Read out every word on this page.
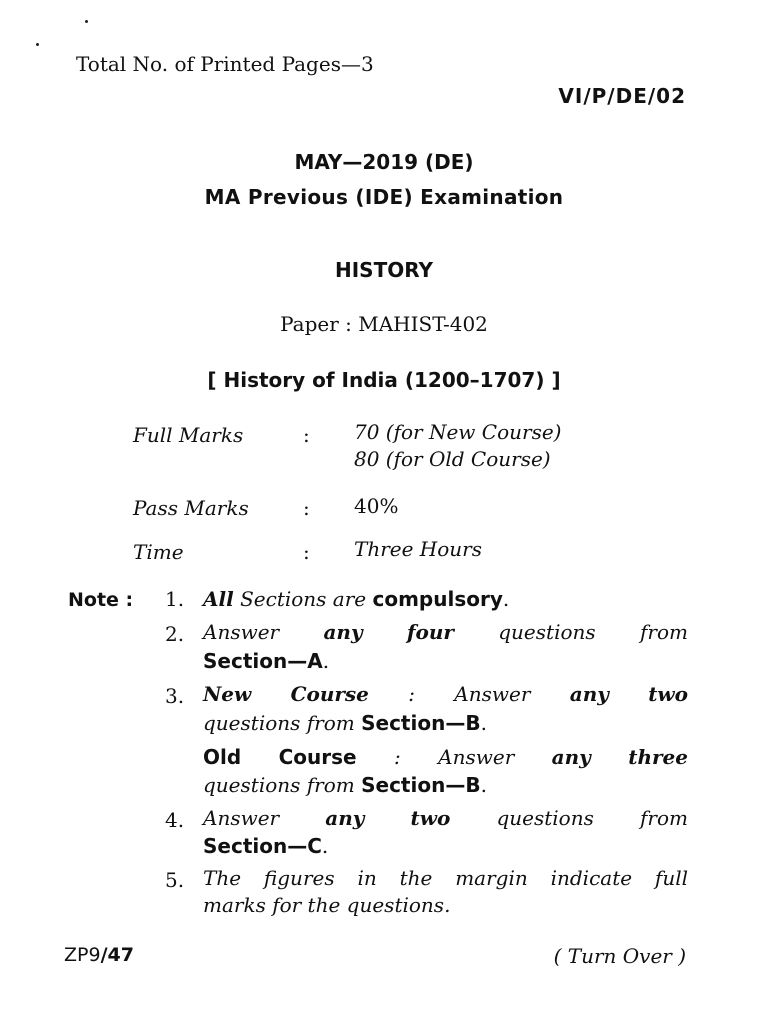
Total No. of Printed Pages—3
VI/P/DE/02
MAY—2019 (DE)
MA Previous (IDE) Examination
HISTORY
Paper : MAHIST-402
[ History of India (1200–1707) ]
Full Marks	: 70 (for New Course)
80 (for Old Course)
Pass Marks	: 40%
Time	: Three Hours
Note : 1. All Sections are compulsory.
2. Answer any four questions from
Section—A.
3. New Course : Answer any two
questions from Section—B.
Old Course : Answer any three
questions from Section—B.
4. Answer any two questions from
Section—C.
5. The figures in the margin indicate full
marks for the questions.
ZP9/47	( Turn Over )
